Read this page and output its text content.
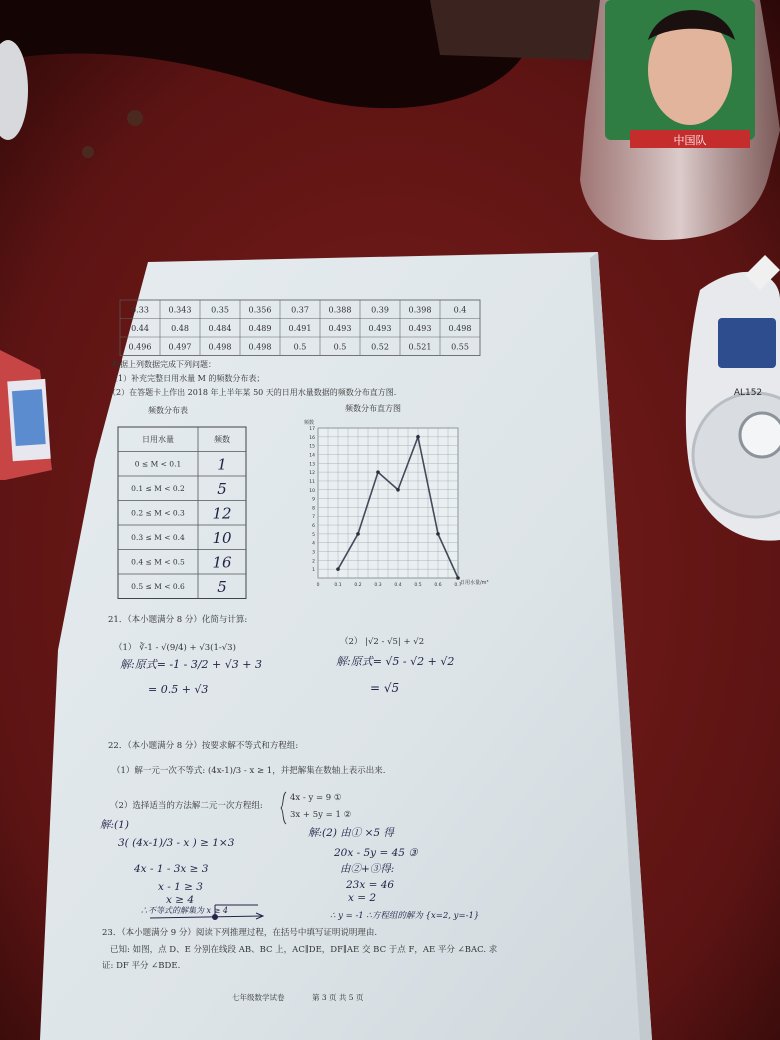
中国队
AL152
0.33 0.343 0.35 0.356 0.37 0.388 0.39 0.398	0.4
0.44	0.48 0.484 0.489 0.491 0.493 0.493 0.493 0.498
0.496 0.497 0.498 0.498	0.5	0.5	0.52 0.521 0.55
根据上列数据完成下列问题：
（1）补充完整日用水量 M 的频数分布表；
（2）在答题卡上作出 2018 年上半年某 50 天的日用水量数据的频数分布直方图.
频数分布表
日用水量	频数
0 ≤ M < 0.1 1
0.1 ≤ M < 0.2 5
0.2 ≤ M < 0.3 12
0.3 ≤ M < 0.4 10
0.4 ≤ M < 0.5 16
0.5 ≤ M < 0.6 5
频数分布直方图
1
2
3
4
5
6
7
8
9
10
11
12
13
14
15
16
17
0	0.1	0.2	0.3	0.4	0.5	0.6	0.7
频数
日用水量/m³
21．（本小题满分 8 分）化简与计算:
（1） ∛-1 - √(9/4) + √3(1-√3)
解:原式= -1 - 3/2 + √3 + 3
= 0.5 + √3
（2） |√2 - √5| + √2
解:原式= √5 - √2 + √2
= √5
22．（本小题满分 8 分）按要求解不等式和方程组:
（1）解一元一次不等式: (4x-1)/3 - x ≥ 1，并把解集在数轴上表示出来.
（2）选择适当的方法解二元一次方程组:
4x - y = 9 ①
3x + 5y = 1 ②
解:(1)
3( (4x-1)/3 - x ) ≥ 1×3
4x - 1 - 3x ≥ 3
x - 1 ≥ 3
x ≥ 4
∴不等式的解集为 x ≥ 4
解:(2) 由① ×5 得
20x - 5y = 45 ③
由②+③得:
23x = 46
x = 2
∴ y = -1 ∴方程组的解为 {x=2, y=-1}
23．（本小题满分 9 分）阅读下列推理过程，在括号中填写证明说明理由.
已知: 如图，点 D、E 分别在线段 AB、BC 上，AC∥DE，DF∥AE 交 BC 于点 F，AE 平分 ∠BAC. 求
证: DF 平分 ∠BDE.
七年级数学试卷	第 3 页 共 5 页
